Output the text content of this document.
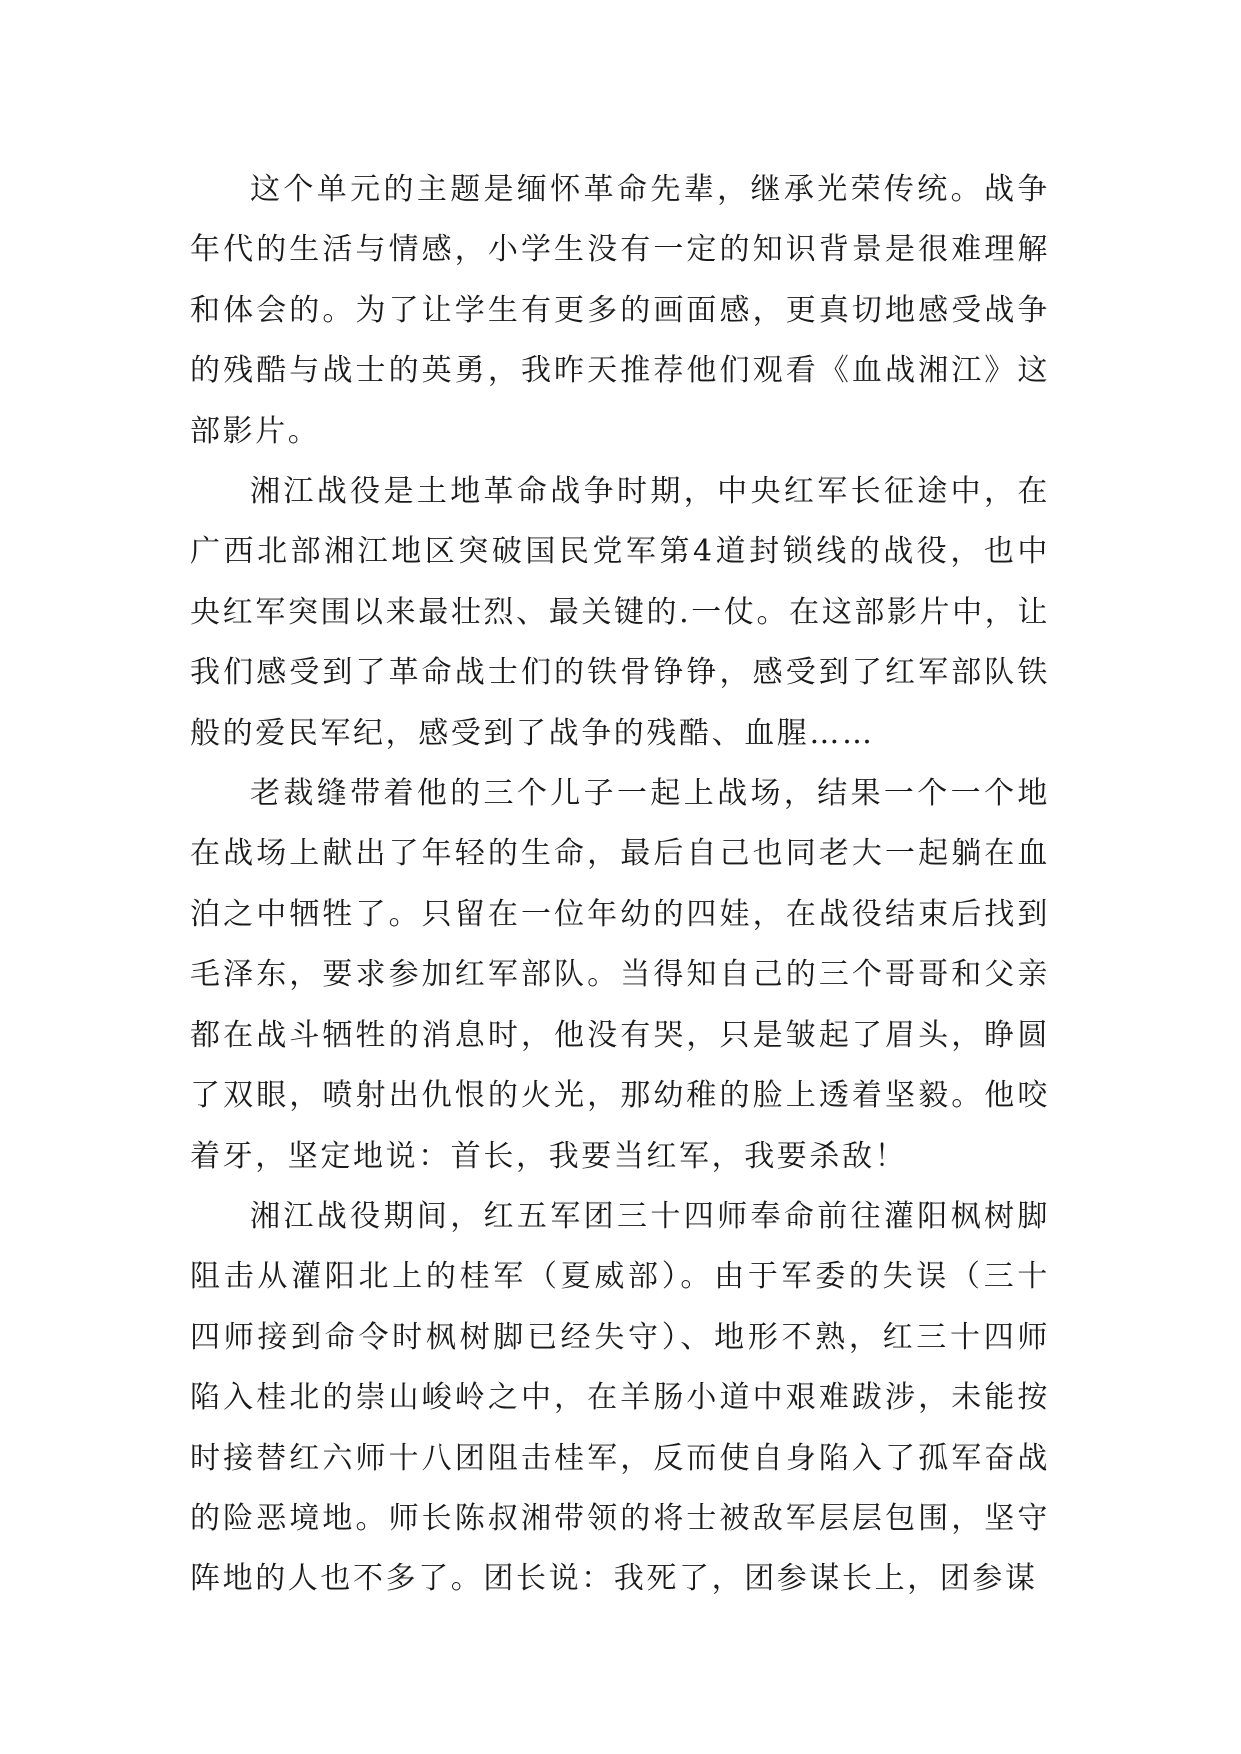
这个单元的主题是缅怀革命先辈，继承光荣传统。战争年代的生活与情感，小学生没有一定的知识背景是很难理解和体会的。为了让学生有更多的画面感，更真切地感受战争的残酷与战士的英勇，我昨天推荐他们观看《血战湘江》这部影片。

湘江战役是土地革命战争时期，中央红军长征途中，在广西北部湘江地区突破国民党军第4道封锁线的战役，也中央红军突围以来最壮烈、最关键的.一仗。在这部影片中，让我们感受到了革命战士们的铁骨铮铮，感受到了红军部队铁般的爱民军纪，感受到了战争的残酷、血腥……

老裁缝带着他的三个儿子一起上战场，结果一个一个地在战场上献出了年轻的生命，最后自己也同老大一起躺在血泊之中牺牲了。只留在一位年幼的四娃，在战役结束后找到毛泽东，要求参加红军部队。当得知自己的三个哥哥和父亲都在战斗牺牲的消息时，他没有哭，只是皱起了眉头，睁圆了双眼，喷射出仇恨的火光，那幼稚的脸上透着坚毅。他咬着牙，坚定地说：首长，我要当红军，我要杀敌！

湘江战役期间，红五军团三十四师奉命前往灌阳枫树脚阻击从灌阳北上的桂军（夏威部）。由于军委的失误（三十四师接到命令时枫树脚已经失守）、地形不熟，红三十四师陷入桂北的崇山峻岭之中，在羊肠小道中艰难跋涉，未能按时接替红六师十八团阻击桂军，反而使自身陷入了孤军奋战的险恶境地。师长陈叔湘带领的将士被敌军层层包围，坚守阵地的人也不多了。团长说：我死了，团参谋长上，团参谋
